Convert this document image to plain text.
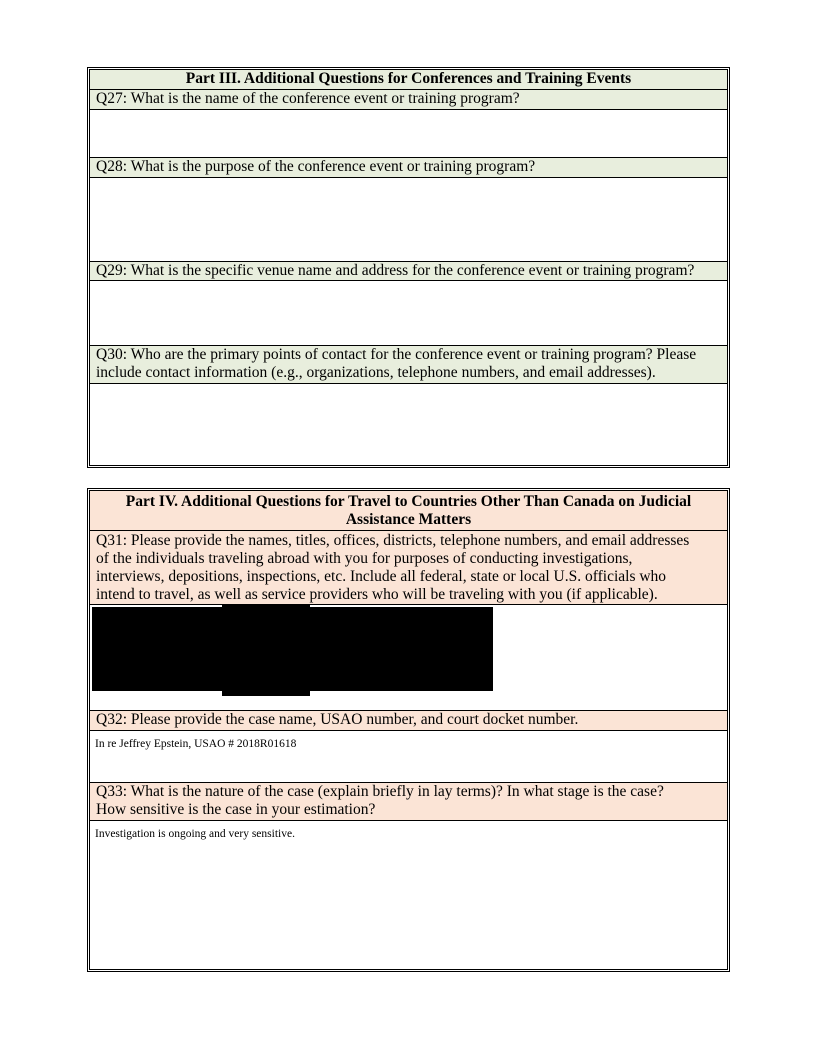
Part III. Additional Questions for Conferences and Training Events
Q27: What is the name of the conference event or training program?
Q28: What is the purpose of the conference event or training program?
Q29: What is the specific venue name and address for the conference event or training program?
Q30: Who are the primary points of contact for the conference event or training program? Please
include contact information (e.g., organizations, telephone numbers, and email addresses).
Part IV. Additional Questions for Travel to Countries Other Than Canada on Judicial
Assistance Matters
Q31: Please provide the names, titles, offices, districts, telephone numbers, and email addresses
of the individuals traveling abroad with you for purposes of conducting investigations,
interviews, depositions, inspections, etc. Include all federal, state or local U.S. officials who
intend to travel, as well as service providers who will be traveling with you (if applicable).
Q32: Please provide the case name, USAO number, and court docket number.
In re Jeffrey Epstein, USAO # 2018R01618
Q33: What is the nature of the case (explain briefly in lay terms)? In what stage is the case?
How sensitive is the case in your estimation?
Investigation is ongoing and very sensitive.
